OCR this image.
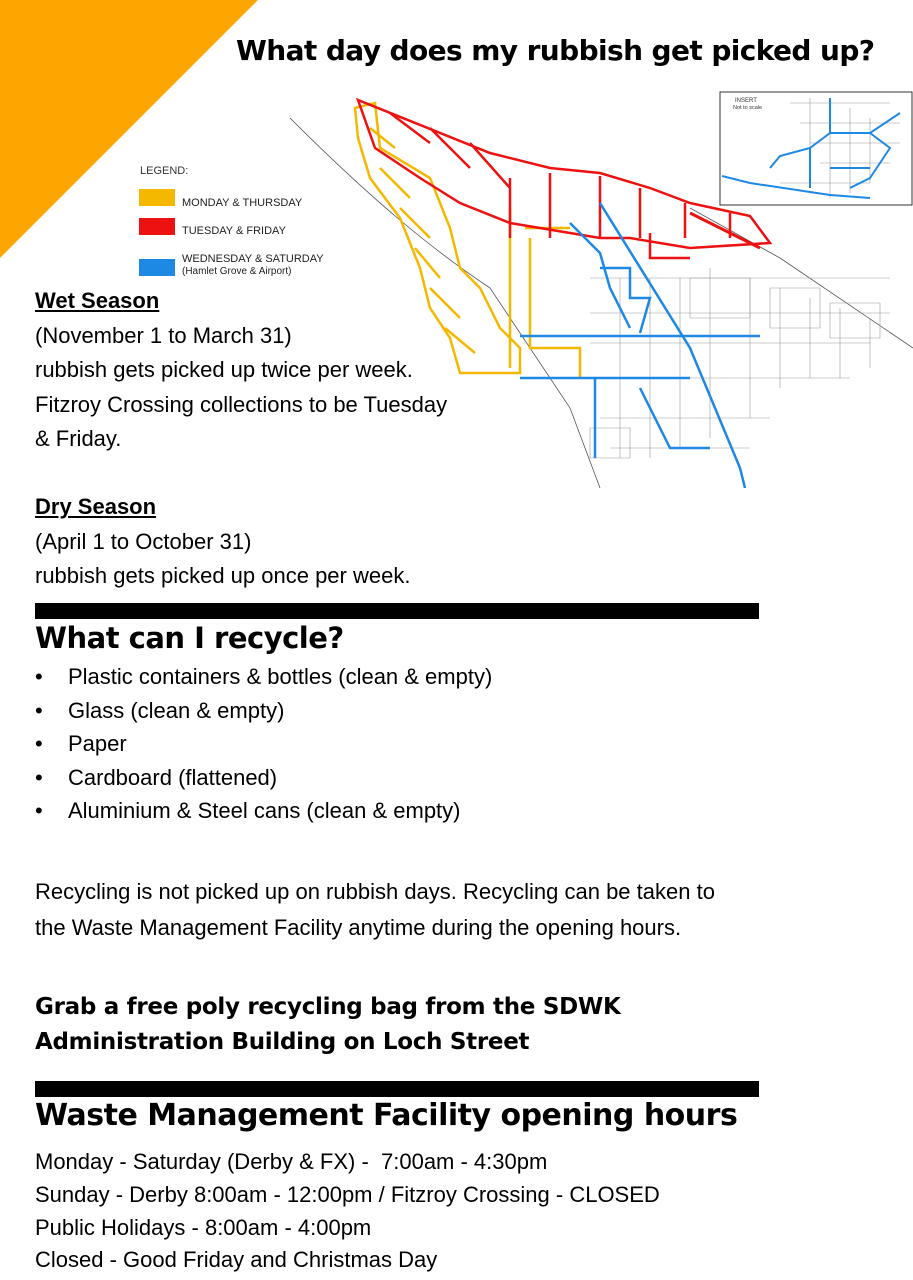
What day does my rubbish get picked up?
LEGEND:
MONDAY & THURSDAY
TUESDAY & FRIDAY
WEDNESDAY & SATURDAY
(Hamlet Grove & Airport)
INSERT
Not to scale
Wet Season
(November 1 to March 31)
rubbish gets picked up twice per week.
Fitzroy Crossing collections to be Tuesday
& Friday.
Dry Season
(April 1 to October 31)
rubbish gets picked up once per week.
What can I recycle?
• Plastic containers & bottles (clean & empty)
• Glass (clean & empty)
• Paper
• Cardboard (flattened)
• Aluminium & Steel cans (clean & empty)
Recycling is not picked up on rubbish days. Recycling can be taken to the Waste Management Facility anytime during the opening hours.
Grab a free poly recycling bag from the SDWK Administration Building on Loch Street
Waste Management Facility opening hours
Monday - Saturday (Derby & FX) -  7:00am - 4:30pm
Sunday - Derby 8:00am - 12:00pm / Fitzroy Crossing - CLOSED
Public Holidays - 8:00am - 4:00pm
Closed - Good Friday and Christmas Day
